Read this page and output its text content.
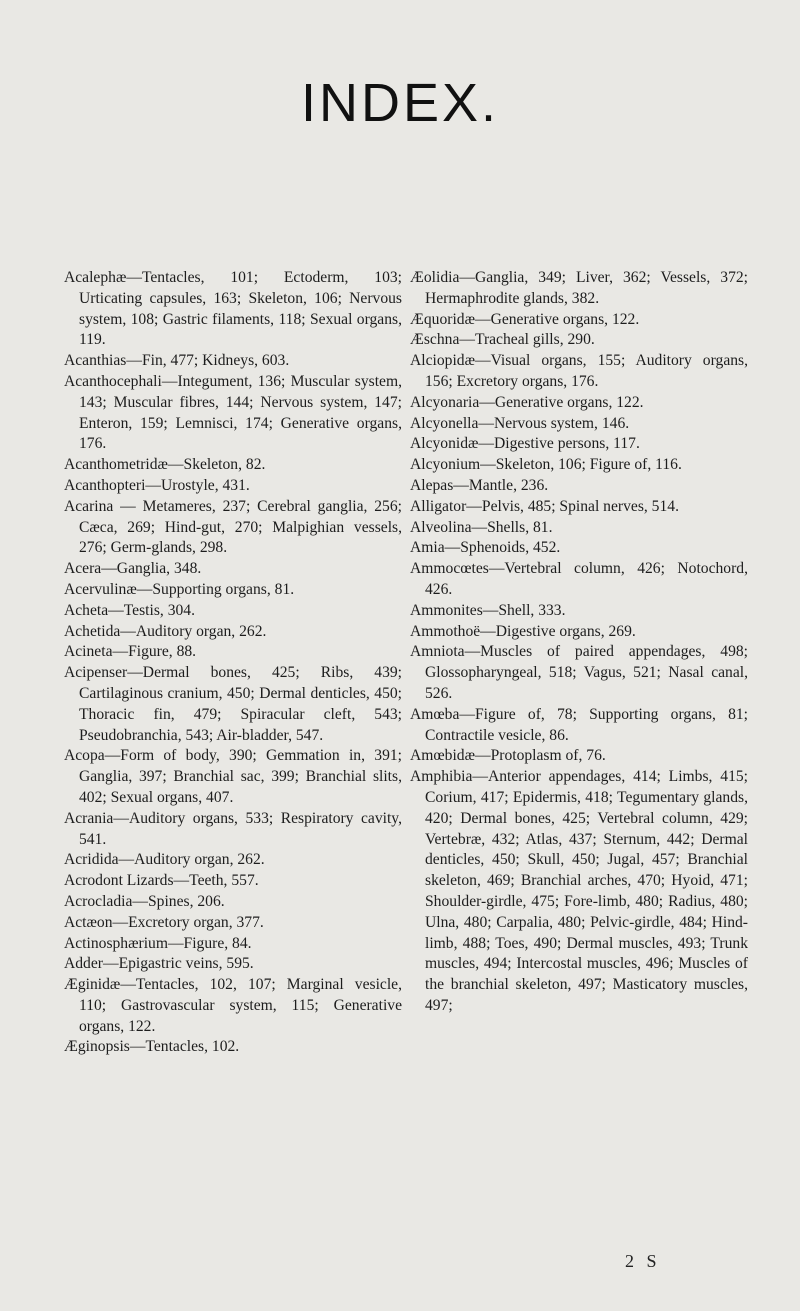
INDEX.

Acalephæ—Tentacles, 101; Ectoderm, 103; Urticating capsules, 163; Skeleton, 106; Nervous system, 108; Gastric filaments, 118; Sexual organs, 119.

Acanthias—Fin, 477; Kidneys, 603.

Acanthocephali—Integument, 136; Muscular system, 143; Muscular fibres, 144; Nervous system, 147; Enteron, 159; Lemnisci, 174; Generative organs, 176.

Acanthometridæ—Skeleton, 82.

Acanthopteri—Urostyle, 431.

Acarina — Metameres, 237; Cerebral ganglia, 256; Cæca, 269; Hind-gut, 270; Malpighian vessels, 276; Germ-glands, 298.

Acera—Ganglia, 348.

Acervulinæ—Supporting organs, 81.

Acheta—Testis, 304.

Achetida—Auditory organ, 262.

Acineta—Figure, 88.

Acipenser—Dermal bones, 425; Ribs, 439; Cartilaginous cranium, 450; Dermal denticles, 450; Thoracic fin, 479; Spiracular cleft, 543; Pseudobranchia, 543; Air-bladder, 547.

Acopa—Form of body, 390; Gemmation in, 391; Ganglia, 397; Branchial sac, 399; Branchial slits, 402; Sexual organs, 407.

Acrania—Auditory organs, 533; Respiratory cavity, 541.

Acridida—Auditory organ, 262.

Acrodont Lizards—Teeth, 557.

Acrocladia—Spines, 206.

Actæon—Excretory organ, 377.

Actinosphærium—Figure, 84.

Adder—Epigastric veins, 595.

Æginidæ—Tentacles, 102, 107; Marginal vesicle, 110; Gastrovascular system, 115; Generative organs, 122.

Æginopsis—Tentacles, 102.

Æolidia—Ganglia, 349; Liver, 362; Vessels, 372; Hermaphrodite glands, 382.

Æquoridæ—Generative organs, 122.

Æschna—Tracheal gills, 290.

Alciopidæ—Visual organs, 155; Auditory organs, 156; Excretory organs, 176.

Alcyonaria—Generative organs, 122.

Alcyonella—Nervous system, 146.

Alcyonidæ—Digestive persons, 117.

Alcyonium—Skeleton, 106; Figure of, 116.

Alepas—Mantle, 236.

Alligator—Pelvis, 485; Spinal nerves, 514.

Alveolina—Shells, 81.

Amia—Sphenoids, 452.

Ammocœtes—Vertebral column, 426; Notochord, 426.

Ammonites—Shell, 333.

Ammothoë—Digestive organs, 269.

Amniota—Muscles of paired appendages, 498; Glossopharyngeal, 518; Vagus, 521; Nasal canal, 526.

Amœba—Figure of, 78; Supporting organs, 81; Contractile vesicle, 86.

Amœbidæ—Protoplasm of, 76.

Amphibia—Anterior appendages, 414; Limbs, 415; Corium, 417; Epidermis, 418; Tegumentary glands, 420; Dermal bones, 425; Vertebral column, 429; Vertebræ, 432; Atlas, 437; Sternum, 442; Dermal denticles, 450; Skull, 450; Jugal, 457; Branchial skeleton, 469; Branchial arches, 470; Hyoid, 471; Shoulder-girdle, 475; Fore-limb, 480; Radius, 480; Ulna, 480; Carpalia, 480; Pelvic-girdle, 484; Hind-limb, 488; Toes, 490; Dermal muscles, 493; Trunk muscles, 494; Intercostal muscles, 496; Muscles of the branchial skeleton, 497; Masticatory muscles, 497;

2 S
